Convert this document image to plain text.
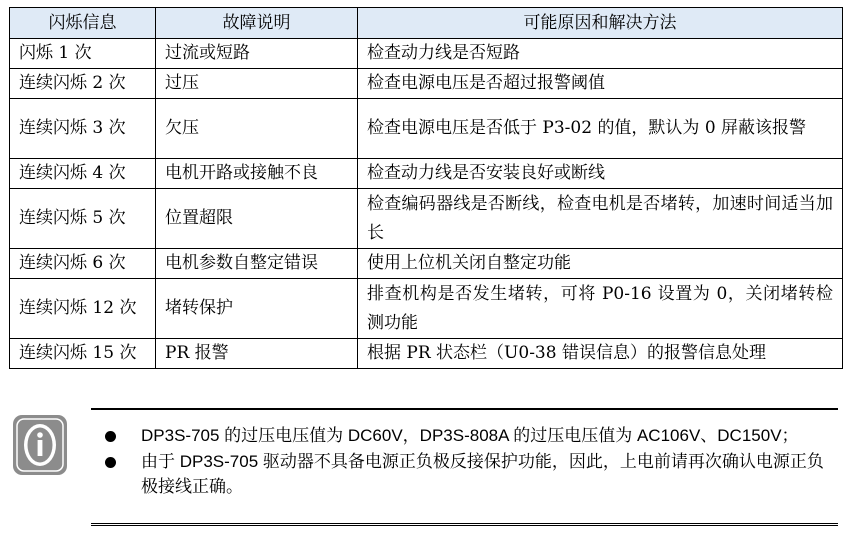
闪烁信息	故障说明	可能原因和解决方法
闪烁 1 次	过流或短路	检查动力线是否短路
连续闪烁 2 次	过压	检查电源电压是否超过报警阈值
连续闪烁 3 次	欠压	检查电源电压是否低于 P3-02 的值，默认为 0 屏蔽该报警
连续闪烁 4 次	电机开路或接触不良	检查动力线是否安装良好或断线
连续闪烁 5 次	位置超限	检查编码器线是否断线，检查电机是否堵转，加速时间适当加长
连续闪烁 6 次	电机参数自整定错误	使用上位机关闭自整定功能
连续闪烁 12 次	堵转保护	排查机构是否发生堵转，可将 P0-16 设置为 0，关闭堵转检测功能
连续闪烁 15 次	PR 报警	根据 PR 状态栏（U0-38 错误信息）的报警信息处理
DP3S-705 的过压电压值为 DC60V，DP3S-808A 的过压电压值为 AC106V、DC150V；
由于 DP3S-705 驱动器不具备电源正负极反接保护功能，因此，上电前请再次确认电源正负极接线正确。
